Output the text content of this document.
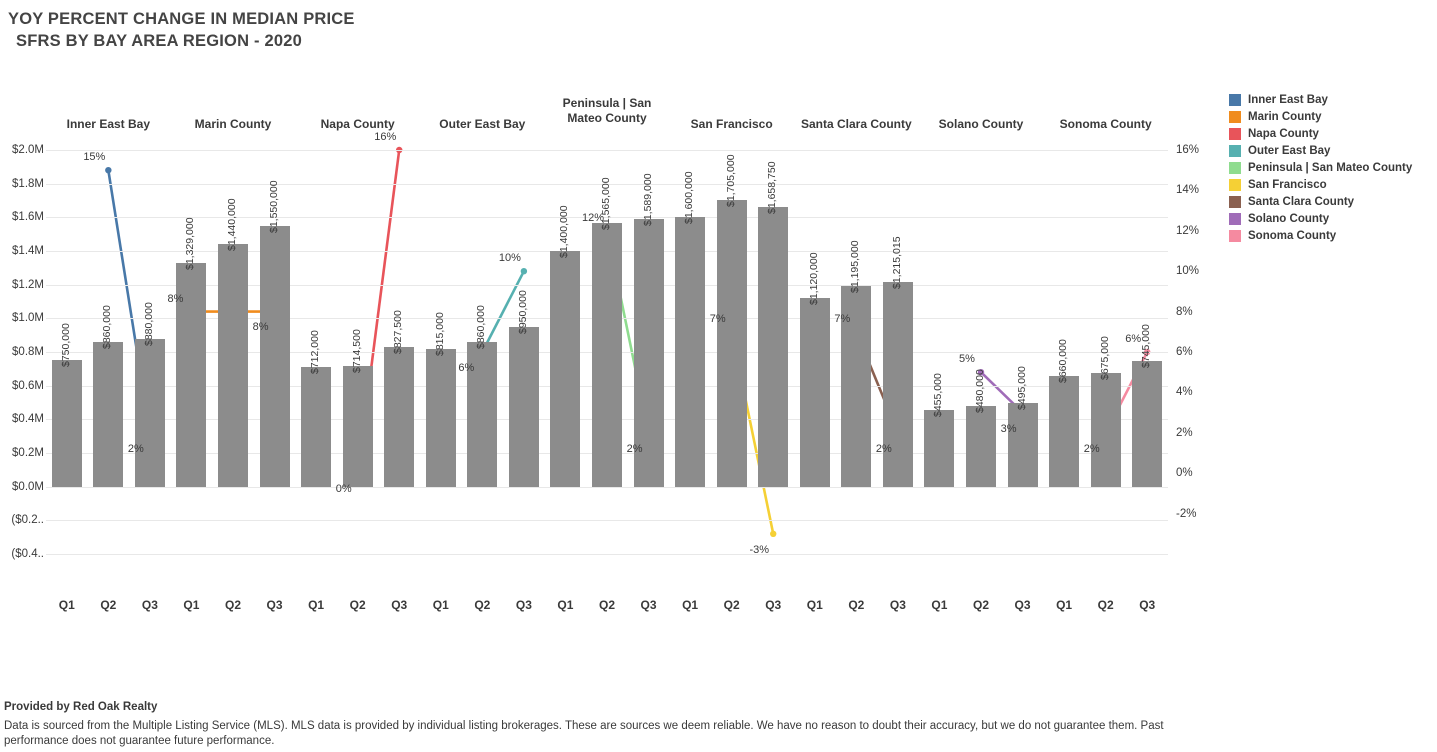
YOY PERCENT CHANGE IN MEDIAN PRICE
SFRS BY BAY AREA REGION - 2020
$2.0M
$1.8M
$1.6M
$1.4M
$1.2M
$1.0M
$0.8M
$0.6M
$0.4M
$0.2M
$0.0M
($0.2..
($0.4..
16%
14%
12%
10%
8%
6%
4%
2%
0%
-2%
$750,000	$860,000	$880,000
$1,329,000	$1,440,000	$1,550,000
$712,000	$714,500	$827,500	$815,000	$860,000	$950,000
$1,400,000
$1,565,000	$1,589,000	$1,600,000	$1,705,000	$1,658,750
$1,120,000	$1,195,000	$1,215,015
$455,000	$480,000	$495,000
$660,000	$675,000	$745,000
15%
2%
8%
8%
0%
16%
6%
10%
12%
2%
7%
-3%
7%
2%
5%
3%
2%
6%
Inner East Bay
Marin County
Napa County
Outer East Bay
Peninsula | San Mateo County
San Francisco
Santa Clara County
Solano County
Sonoma County
Provided by Red Oak Realty
Data is sourced from the Multiple Listing Service (MLS). MLS data is provided by individual listing brokerages. These are sources we deem reliable. We have no reason to doubt their accuracy, but we do not guarantee them. Past performance does not guarantee future performance.
Q1	Q2	Q3	Q1	Q2	Q3	Q1	Q2	Q3	Q1	Q2	Q3	Q1	Q2	Q3	Q1	Q2	Q3	Q1	Q2	Q3	Q1	Q2	Q3	Q1	Q2	Q3
Inner East Bay	Marin County	Napa County	Outer East Bay
Peninsula | San
Mateo County	San Francisco	Santa Clara County	Solano County	Sonoma County
